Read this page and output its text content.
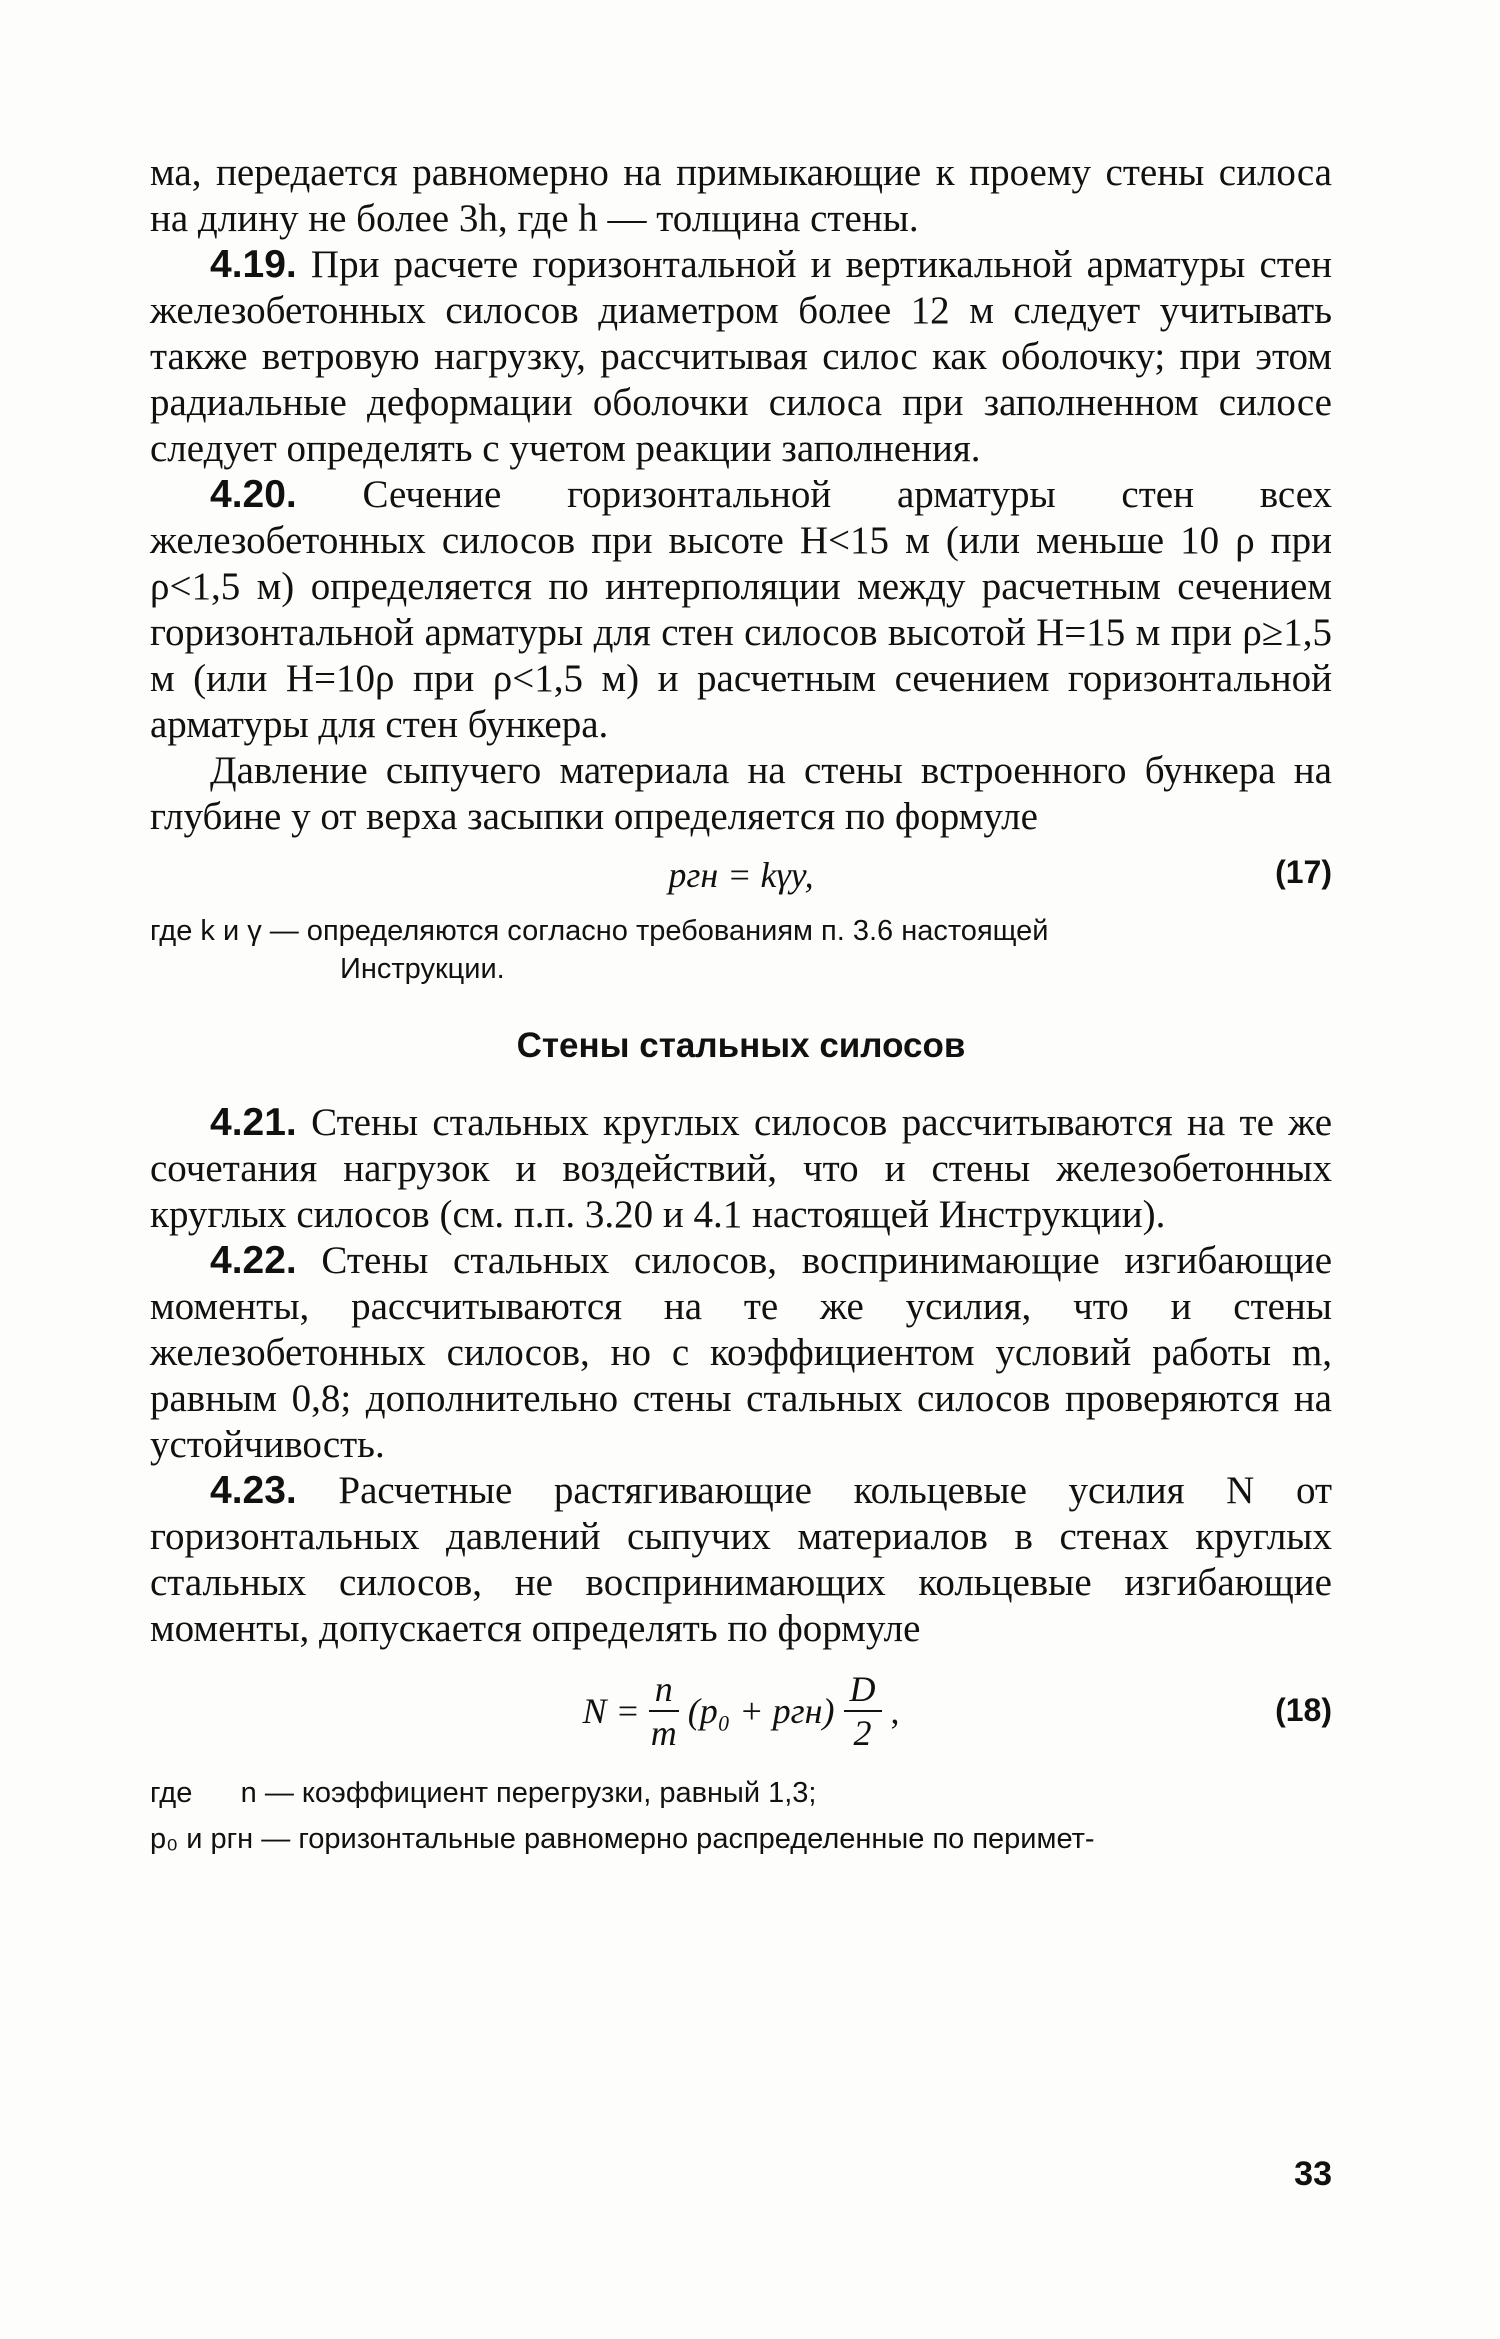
ма, передается равномерно на примыкающие к проему стены силоса на длину не более 3h, где h — толщина стены.

4.19. При расчете горизонтальной и вертикальной арматуры стен железобетонных силосов диаметром более 12 м следует учитывать также ветровую нагрузку, рассчитывая силос как оболочку; при этом радиальные деформации оболочки силоса при заполненном силосе следует определять с учетом реакции заполнения.

4.20. Сечение горизонтальной арматуры стен всех железобетонных силосов при высоте H<15 м (или меньше 10 ρ при ρ<1,5 м) определяется по интерполяции между расчетным сечением горизонтальной арматуры для стен силосов высотой H=15 м при ρ≥1,5 м (или H=10ρ при ρ<1,5 м) и расчетным сечением горизонтальной арматуры для стен бункера.

Давление сыпучего материала на стены встроенного бункера на глубине y от верха засыпки определяется по формуле

pгн = kγy,	(17)
где k и γ — определяются согласно требованиям п. 3.6 настоящей
Инструкции.
Стены стальных силосов

4.21. Стены стальных круглых силосов рассчитываются на те же сочетания нагрузок и воздействий, что и стены железобетонных круглых силосов (см. п.п. 3.20 и 4.1 настоящей Инструкции).

4.22. Стены стальных силосов, воспринимающие изгибающие моменты, рассчитываются на те же усилия, что и стены железобетонных силосов, но с коэффициентом условий работы m, равным 0,8; дополнительно стены стальных силосов проверяются на устойчивость.

4.23. Расчетные растягивающие кольцевые усилия N от горизонтальных давлений сыпучих материалов в стенах круглых стальных силосов, не воспринимающих кольцевые изгибающие моменты, допускается определять по формуле

$N = \frac{n}{m} (p_0 + pгн) \frac{D}{2}$ ,	(18)
где      n — коэффициент перегрузки, равный 1,3;
p₀ и pгн — горизонтальные равномерно распределенные по перимет-
33
